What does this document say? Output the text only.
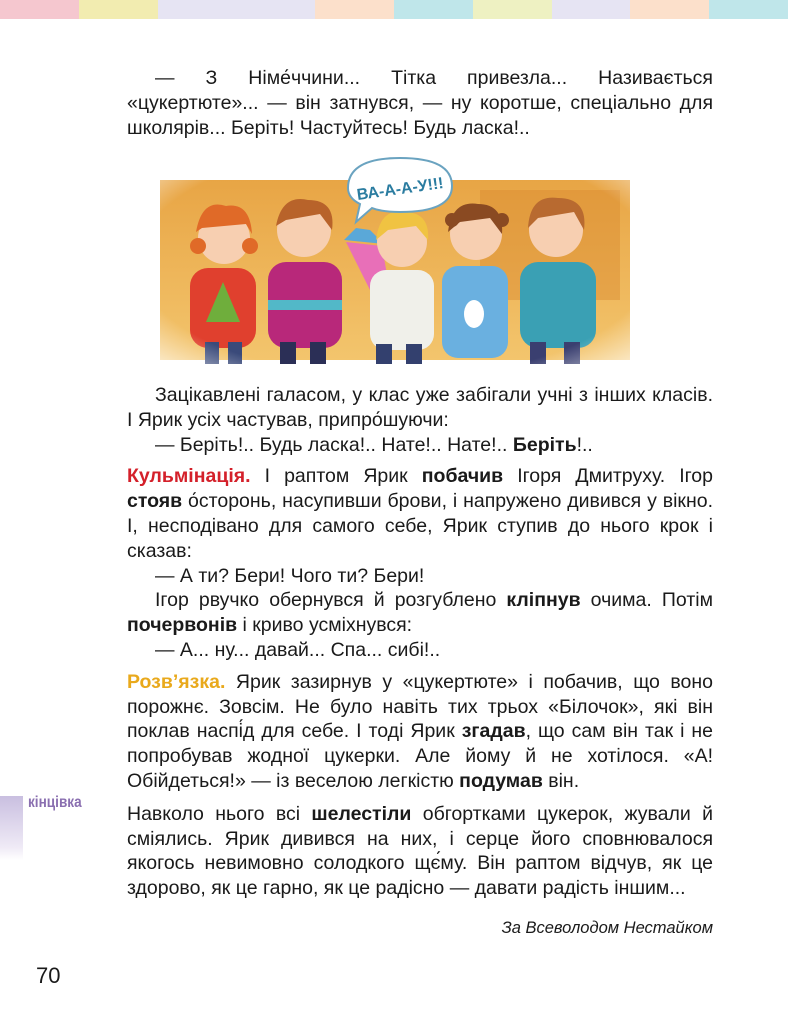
— З Німе́ччини... Тітка привезла... Називається «цукертюте»... — він затнувся, — ну коротше, спеціально для школярів... Беріть! Частуйтесь! Будь ласка!..

Зацікавлені галасом, у клас уже забігали учні з інших класів. І Ярик усіх частував, припро́шуючи:

— Беріть!.. Будь ласка!.. Нате!.. Нате!.. Беріть!..

Кульмінація. І раптом Ярик побачив Ігоря Дмитруху. Ігор стояв о́сторонь, насупивши брови, і напружено дивився у вікно. І, несподівано для самого себе, Ярик ступив до нього крок і сказав:

— А ти? Бери! Чого ти? Бери!

Ігор рвучко обернувся й розгублено кліпнув очима. Потім почервонів і криво усміхнувся:

— А... ну... давай... Спа... сибі!..

Розв’язка. Ярик зазирнув у «цукертюте» і побачив, що воно порожнє. Зовсім. Не було навіть тих трьох «Білочок», які він поклав наспі́д для себе. І тоді Ярик згадав, що сам він так і не попробував жодної цукерки. Але йому й не хотілося. «А! Обійдеться!» — із веселою легкістю подумав він.

Навколо нього всі шелестіли обгортками цукерок, жували й сміялись. Ярик дивився на них, і серце його сповнювалося якогось невимовно солодкого щє́му. Він раптом відчув, як це здорово, як це гарно, як це радісно — давати радість іншим...

кінцівка
За Всеволодом Нестайком
70
